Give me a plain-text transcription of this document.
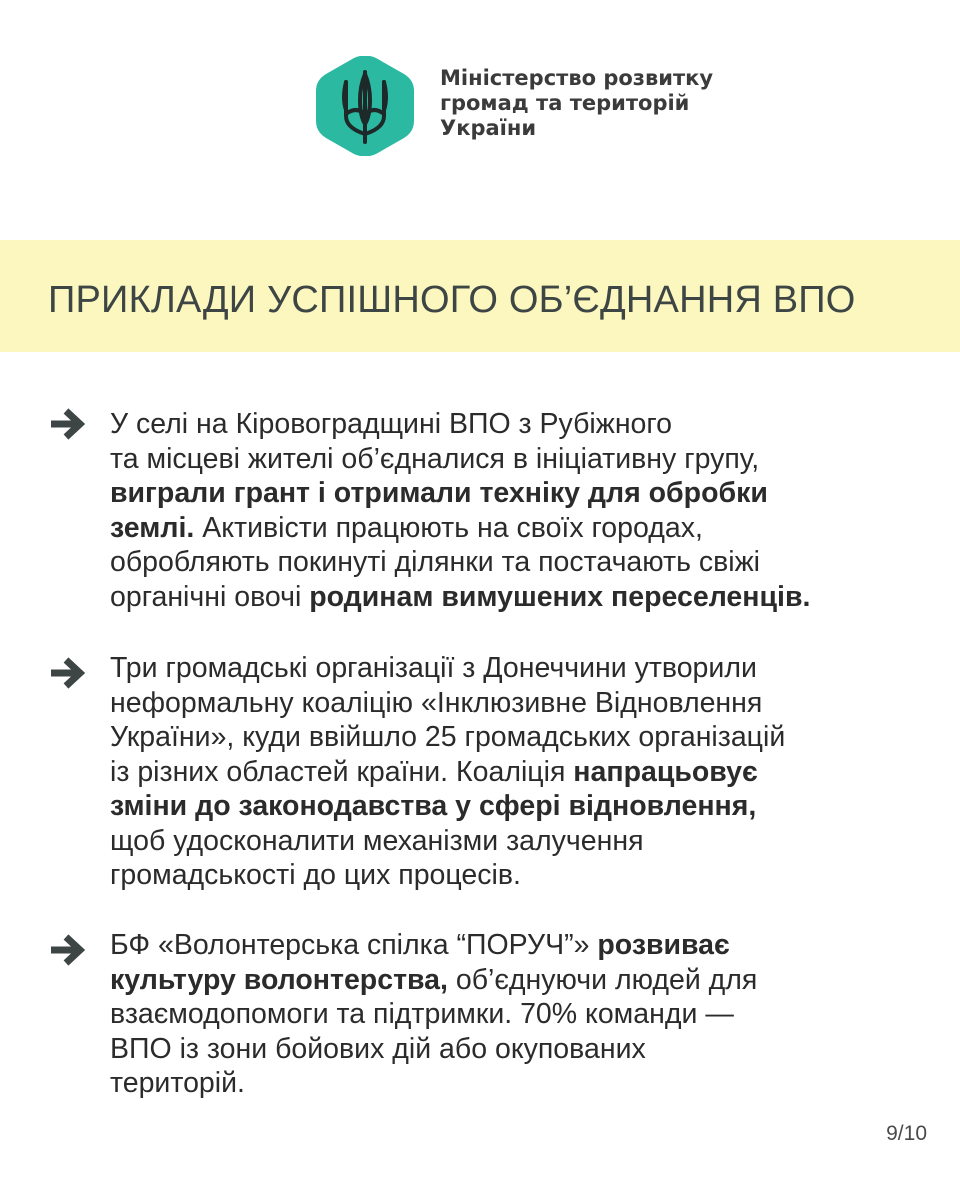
Міністерство розвитку
громад та територій
України
ПРИКЛАДИ УСПІШНОГО ОБ’ЄДНАННЯ ВПО
У селі на Кіровоградщині ВПО з Рубіжного
та місцеві жителі об’єдналися в ініціативну групу,
виграли грант і отримали техніку для обробки
землі. Активісти працюють на своїх городах,
обробляють покинуті ділянки та постачають свіжі
органічні овочі родинам вимушених переселенців.
Три громадські організації з Донеччини утворили
неформальну коаліцію «Інклюзивне Відновлення
України», куди ввійшло 25 громадських організацій
із різних областей країни. Коаліція напрацьовує
зміни до законодавства у сфері відновлення,
щоб удосконалити механізми залучення
громадськості до цих процесів.
БФ «Волонтерська спілка “ПОРУЧ”» розвиває
культуру волонтерства, об’єднуючи людей для
взаємодопомоги та підтримки. 70% команди —
ВПО із зони бойових дій або окупованих
територій.
9/10
